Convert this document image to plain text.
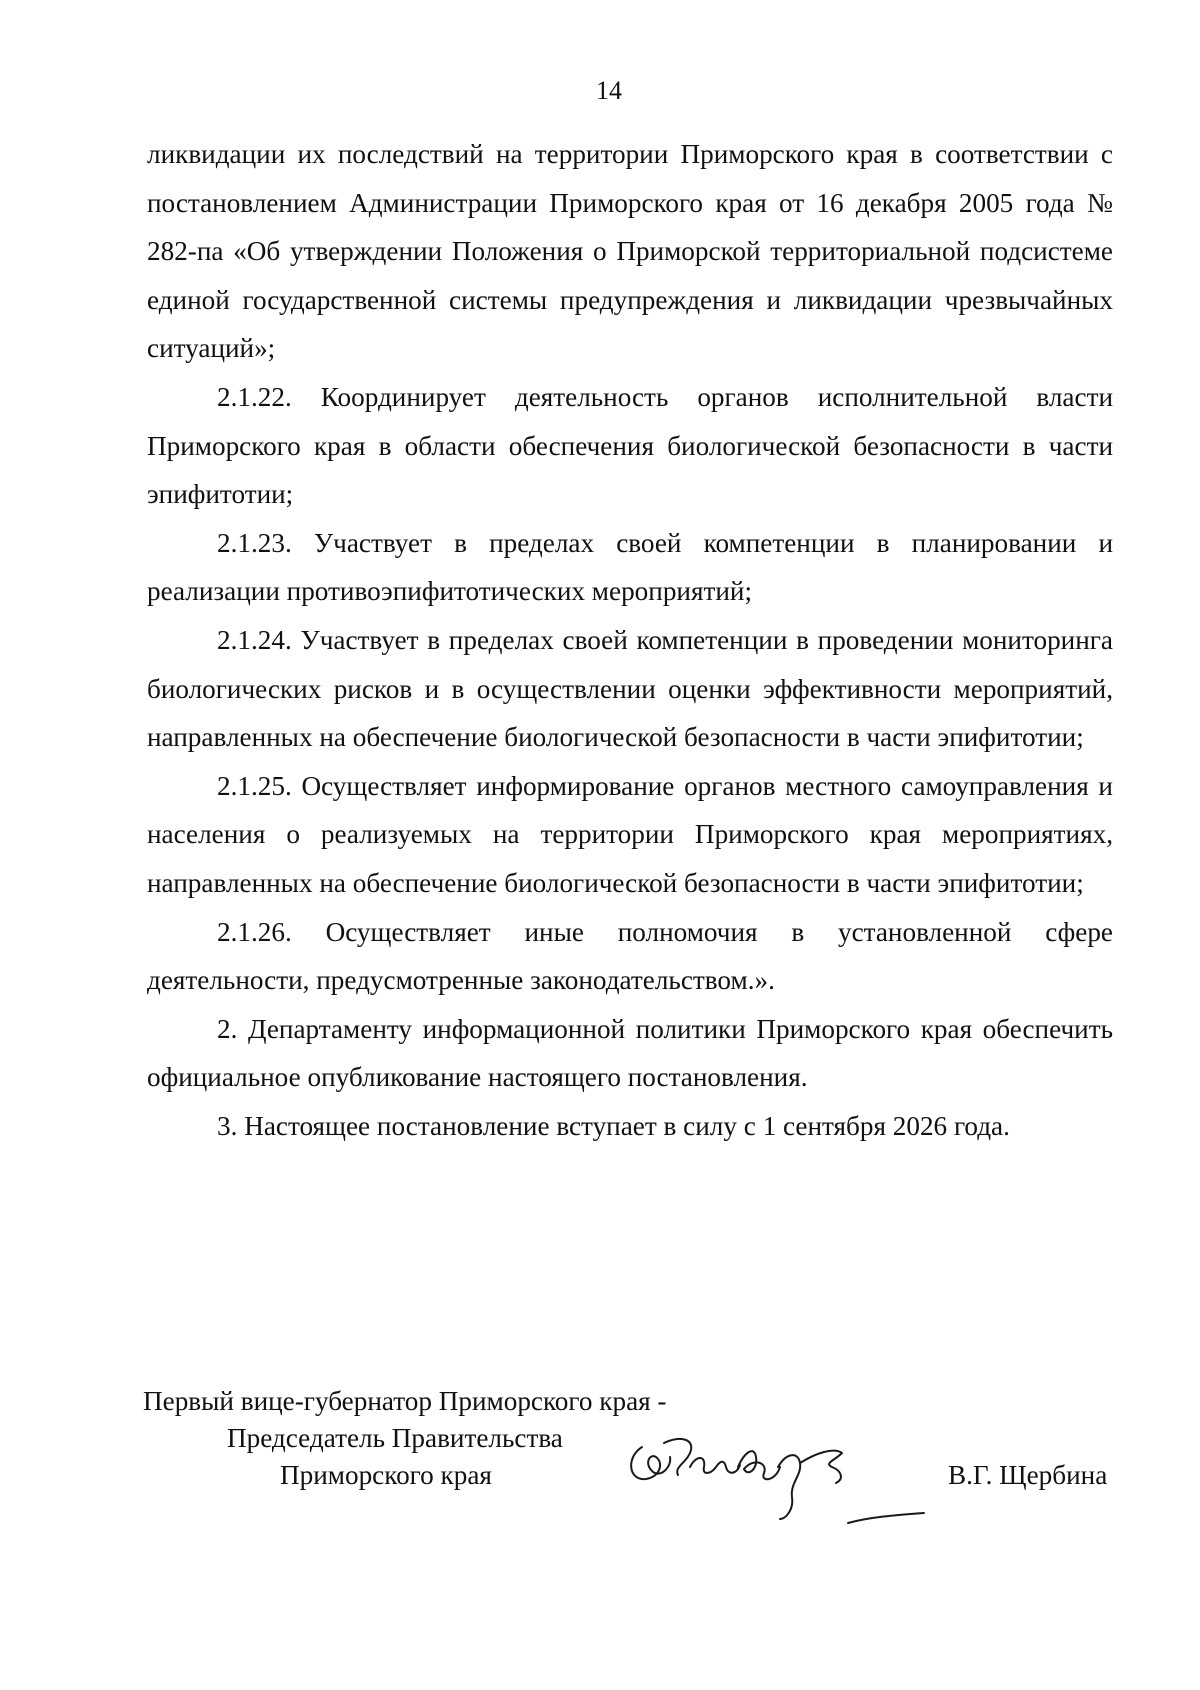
14

ликвидации их последствий на территории Приморского края в соответствии с постановлением Администрации Приморского края от 16 декабря 2005 года № 282-па «Об утверждении Положения о Приморской территориальной подсистеме единой государственной системы предупреждения и ликвидации чрезвычайных ситуаций»;

2.1.22. Координирует деятельность органов исполнительной власти Приморского края в области обеспечения биологической безопасности в части эпифитотии;

2.1.23. Участвует в пределах своей компетенции в планировании и реализации противоэпифитотических мероприятий;

2.1.24. Участвует в пределах своей компетенции в проведении мониторинга биологических рисков и в осуществлении оценки эффективности мероприятий, направленных на обеспечение биологической безопасности в части эпифитотии;

2.1.25. Осуществляет информирование органов местного самоуправления и населения о реализуемых на территории Приморского края мероприятиях, направленных на обеспечение биологической безопасности в части эпифитотии;

2.1.26. Осуществляет иные полномочия в установленной сфере деятельности, предусмотренные законодательством.».

2. Департаменту информационной политики Приморского края обеспечить официальное опубликование настоящего постановления.

3. Настоящее постановление вступает в силу с 1 сентября 2026 года.

Первый вице-губернатор Приморского края -
Председатель Правительства
Приморского края	В.Г. Щербина
